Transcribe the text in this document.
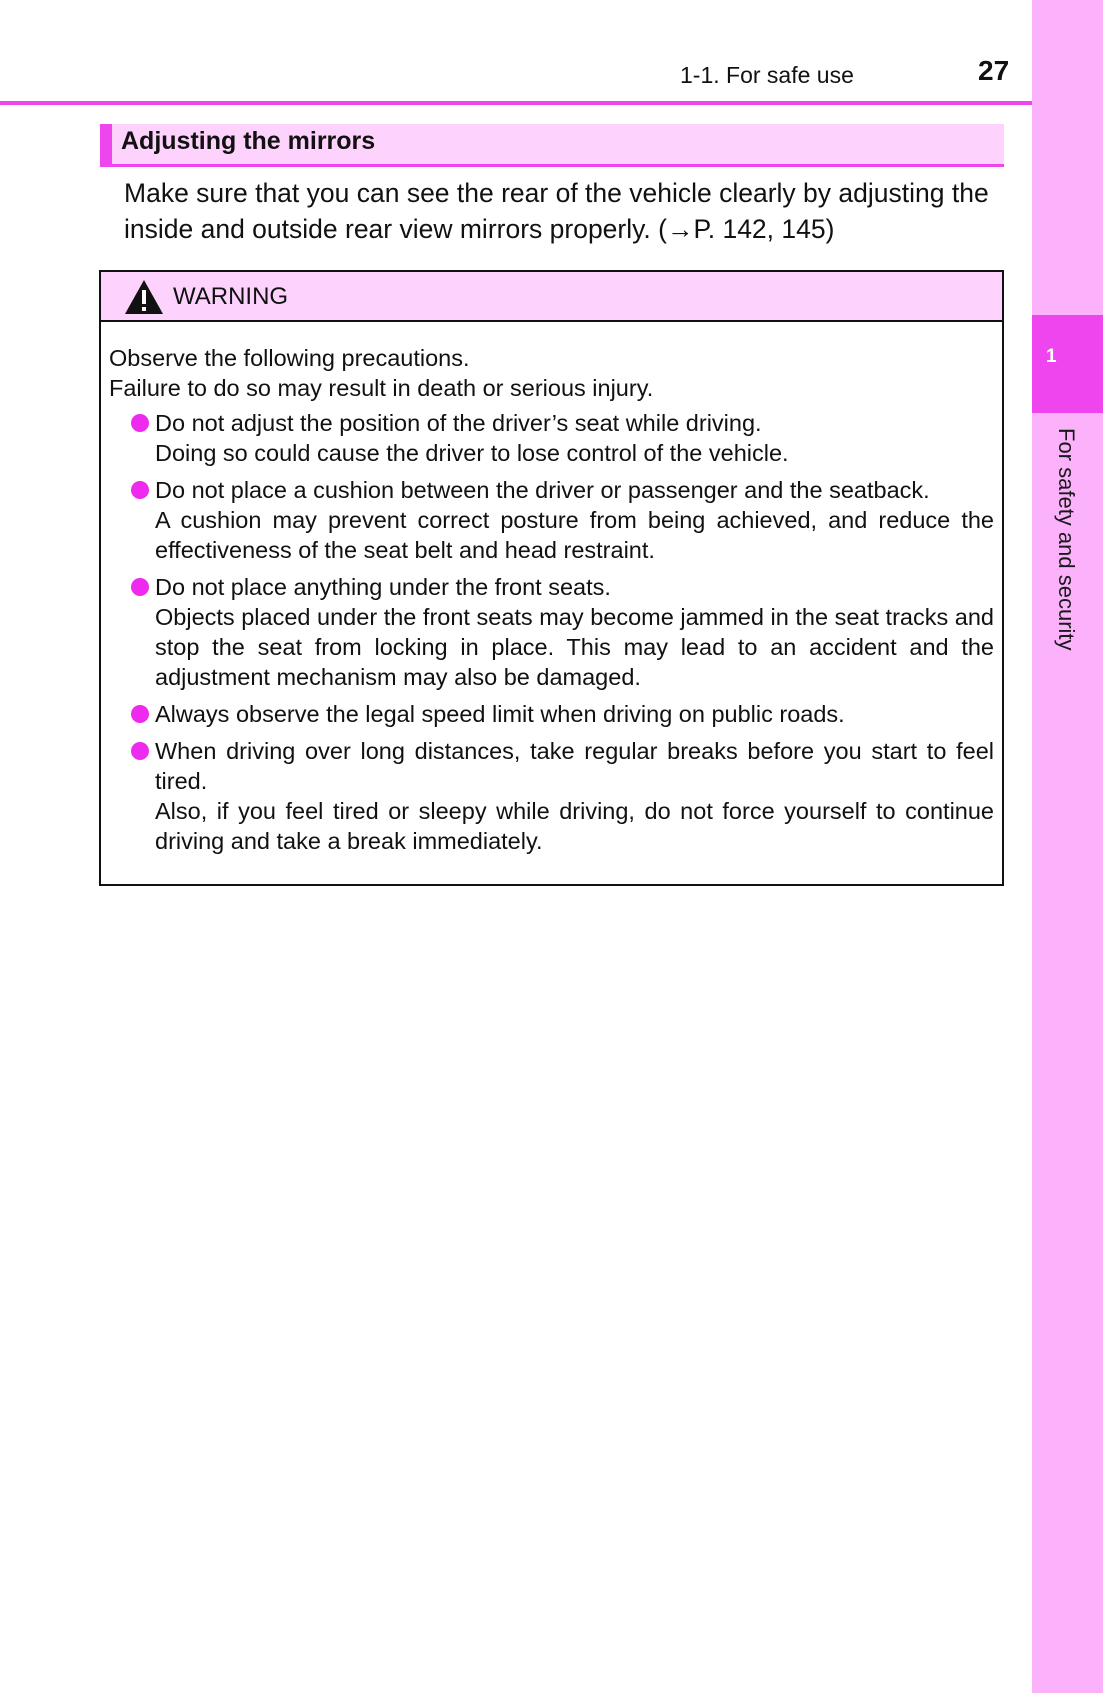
1
For safety and security
1-1. For safe use	27
Adjusting the mirrors
Make sure that you can see the rear of the vehicle clearly by adjusting the inside and outside rear view mirrors properly. (→P. 142, 145)
WARNING

Observe the following precautions.

Failure to do so may result in death or serious injury.

Do not adjust the position of the driver’s seat while driving.
Doing so could cause the driver to lose control of the vehicle.
Do not place a cushion between the driver or passenger and the seatback.
A cushion may prevent correct posture from being achieved, and reduce the effectiveness of the seat belt and head restraint.
Do not place anything under the front seats.
Objects placed under the front seats may become jammed in the seat tracks and stop the seat from locking in place. This may lead to an accident and the adjustment mechanism may also be damaged.
Always observe the legal speed limit when driving on public roads.
When driving over long distances, take regular breaks before you start to feel tired.
Also, if you feel tired or sleepy while driving, do not force yourself to continue driving and take a break immediately.
